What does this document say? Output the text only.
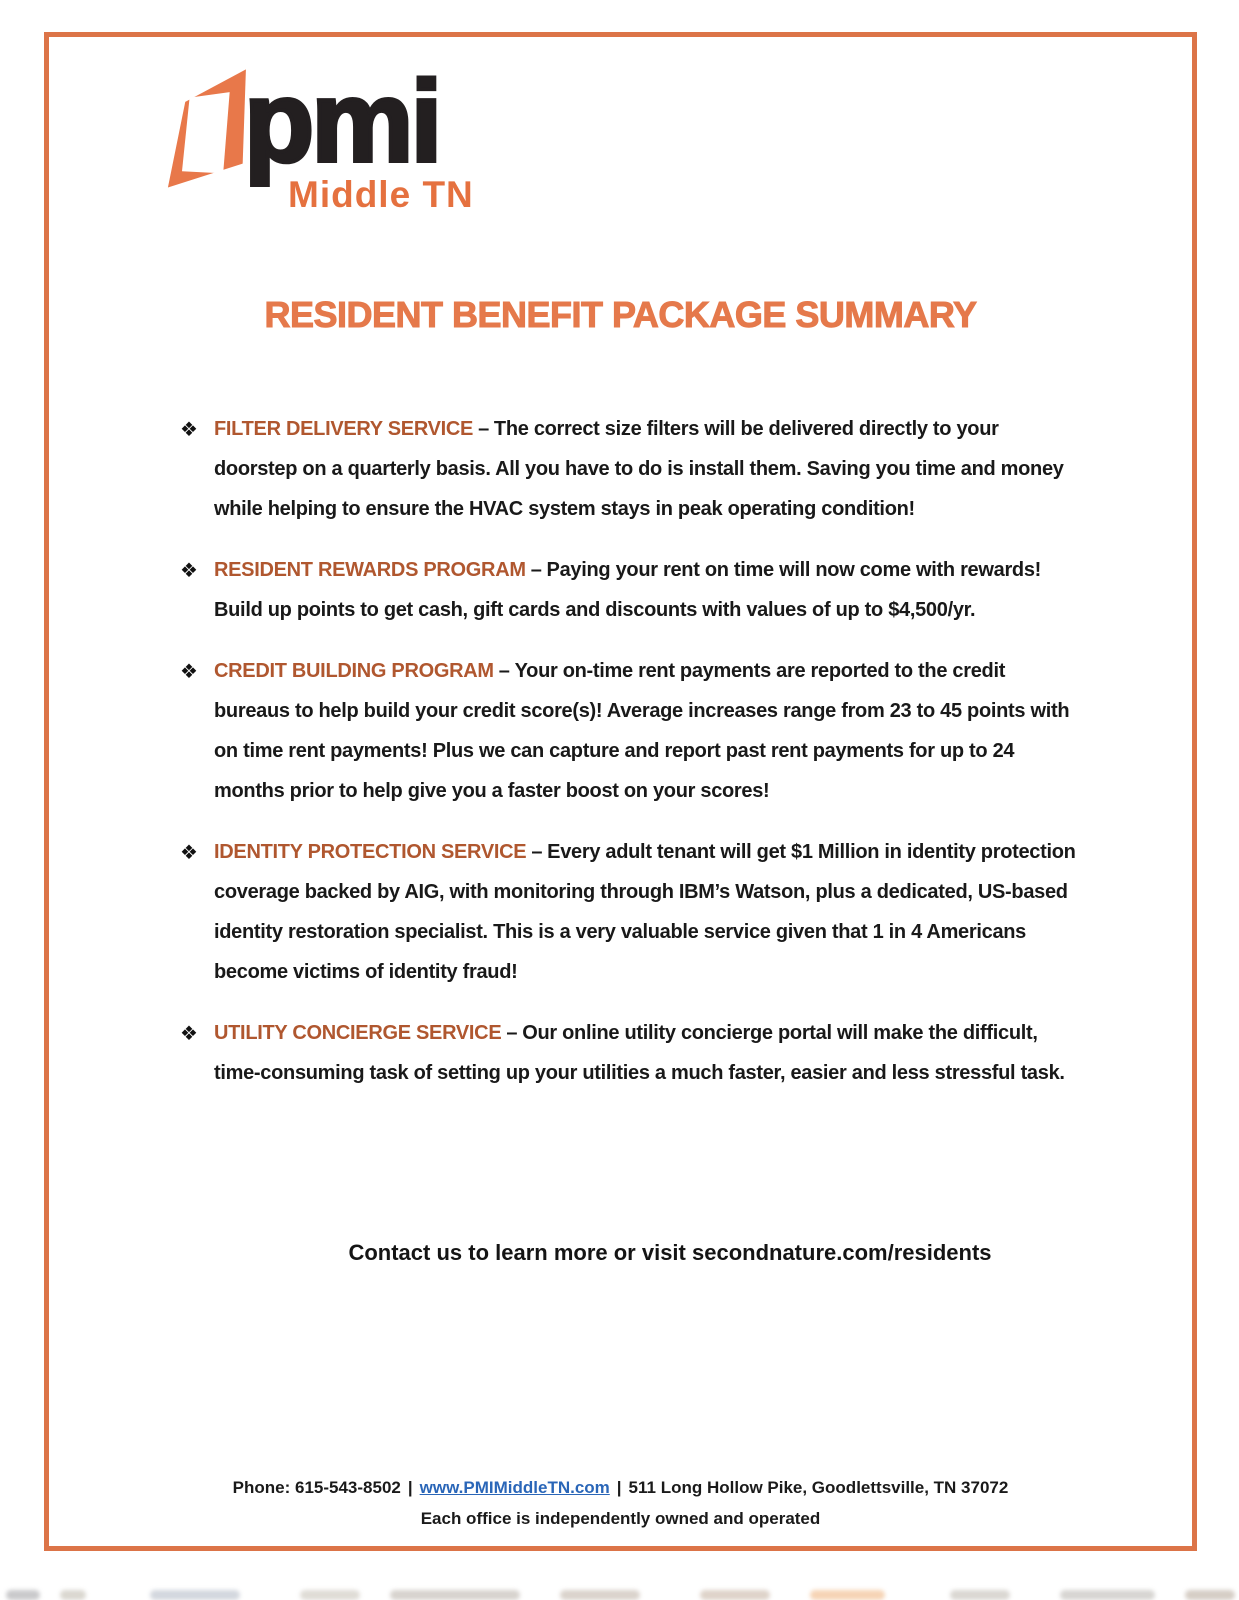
pmi
Middle TN
RESIDENT BENEFIT PACKAGE SUMMARY
❖ FILTER DELIVERY SERVICE – The correct size filters will be delivered directly to your doorstep on a quarterly basis. All you have to do is install them. Saving you time and money while helping to ensure the HVAC system stays in peak operating condition!
❖ RESIDENT REWARDS PROGRAM – Paying your rent on time will now come with rewards! Build up points to get cash, gift cards and discounts with values of up to $4,500/yr.
❖ CREDIT BUILDING PROGRAM – Your on-time rent payments are reported to the credit bureaus to help build your credit score(s)! Average increases range from 23 to 45 points with on time rent payments! Plus we can capture and report past rent payments for up to 24 months prior to help give you a faster boost on your scores!
❖ IDENTITY PROTECTION SERVICE – Every adult tenant will get $1 Million in identity protection coverage backed by AIG, with monitoring through IBM’s Watson, plus a dedicated, US-based identity restoration specialist. This is a very valuable service given that 1 in 4 Americans become victims of identity fraud!
❖ UTILITY CONCIERGE SERVICE – Our online utility concierge portal will make the difficult, time-consuming task of setting up your utilities a much faster, easier and less stressful task.
Contact us to learn more or visit secondnature.com/residents
Phone: 615-543-8502 | www.PMIMiddleTN.com | 511 Long Hollow Pike, Goodlettsville, TN 37072
Each office is independently owned and operated
